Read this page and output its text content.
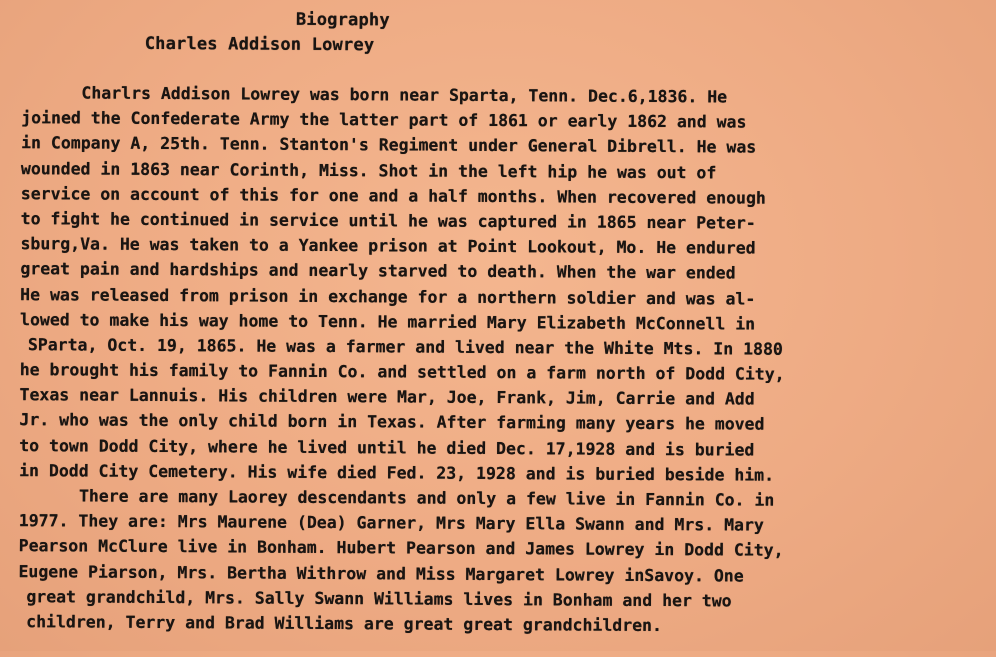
Biography
Charles Addison Lowrey
Charlrs Addison Lowrey was born near Sparta, Tenn. Dec.6,1836. He
joined the Confederate Army the latter part of 1861 or early 1862 and was
in Company A, 25th. Tenn. Stanton's Regiment under General Dibrell. He was
wounded in 1863 near Corinth, Miss. Shot in the left hip he was out of
service on account of this for one and a half months. When recovered enough
to fight he continued in service until he was captured in 1865 near Peter-
sburg,Va. He was taken to a Yankee prison at Point Lookout, Mo. He endured
great pain and hardships and nearly starved to death. When the war ended
He was released from prison in exchange for a northern soldier and was al-
lowed to make his way home to Tenn. He married Mary Elizabeth McConnell in
SParta, Oct. 19, 1865. He was a farmer and lived near the White Mts. In 1880
he brought his family to Fannin Co. and settled on a farm north of Dodd City,
Texas near Lannuis. His children were Mar, Joe, Frank, Jim, Carrie and Add
Jr. who was the only child born in Texas. After farming many years he moved
to town Dodd City, where he lived until he died Dec. 17,1928 and is buried
in Dodd City Cemetery. His wife died Fed. 23, 1928 and is buried beside him.
There are many Laorey descendants and only a few live in Fannin Co. in
1977. They are: Mrs Maurene (Dea) Garner, Mrs Mary Ella Swann and Mrs. Mary
Pearson McClure live in Bonham. Hubert Pearson and James Lowrey in Dodd City,
Eugene Piarson, Mrs. Bertha Withrow and Miss Margaret Lowrey inSavoy. One
great grandchild, Mrs. Sally Swann Williams lives in Bonham and her two
children, Terry and Brad Williams are great great grandchildren.
